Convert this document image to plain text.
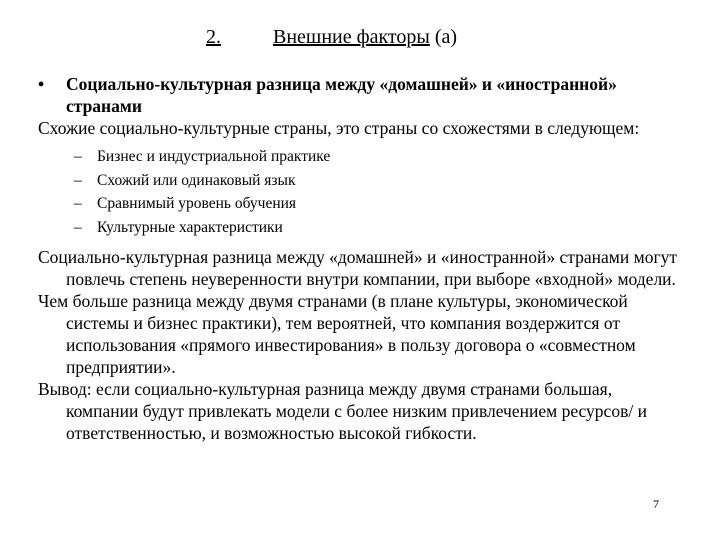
2.	Внешние факторы (а)
• Социально-культурная разница между «домашней» и «иностранной» странами
Схожие социально-культурные страны, это страны со схожестями в следующем:
– Бизнес и индустриальной практике
– Схожий или одинаковый язык
– Сравнимый уровень обучения
– Культурные характеристики
Социально-культурная разница между «домашней» и «иностранной» странами могут повлечь степень неуверенности внутри компании, при выборе «входной» модели.
Чем больше разница между двумя странами (в плане культуры, экономической системы и бизнес практики), тем вероятней, что компания воздержится от использования «прямого инвестирования» в пользу договора о «совместном предприятии».
Вывод: если социально-культурная разница между двумя странами большая, компании будут привлекать модели с более низким привлечением ресурсов/ и ответственностью, и возможностью высокой гибкости.
7
